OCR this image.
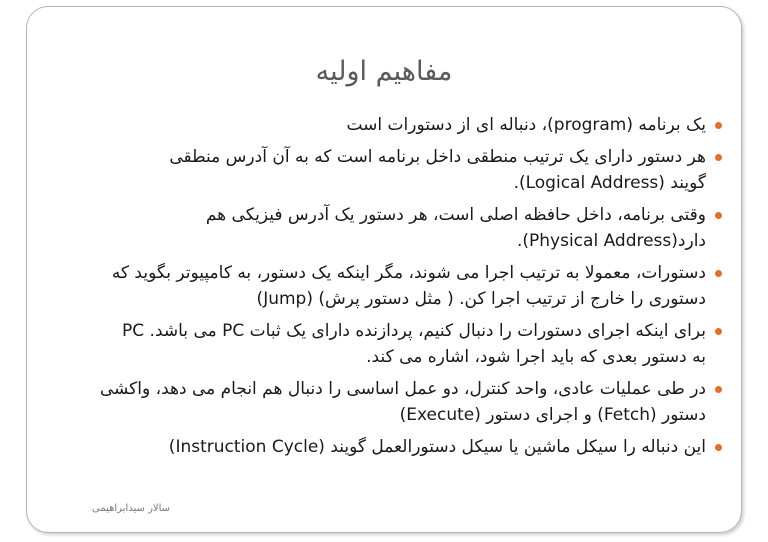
مفاهیم اولیه
یک برنامه (program)، دنباله ای از دستورات است
هر دستور دارای یک ترتیب منطقی داخل برنامه است که به آن آدرس منطقی
گویند (Logical Address).
وقتی برنامه، داخل حافظه اصلی است، هر دستور یک آدرس فیزیکی هم
دارد(Physical Address).
دستورات، معمولا به ترتیب اجرا می شوند، مگر اینکه یک دستور، به کامپیوتر بگوید که
دستوری را خارج از ترتیب اجرا کن. ( مثل دستور پرش) (Jump)
برای اینکه اجرای دستورات را دنبال کنیم، پردازنده دارای یک ثبات PC می باشد. PC
به دستور بعدی که باید اجرا شود، اشاره می کند.
در طی عملیات عادی، واحد کنترل، دو عمل اساسی را دنبال هم انجام می دهد، واکشی
دستور (Fetch) و اجرای دستور (Execute)
این دنباله را سیکل ماشین یا سیکل دستورالعمل گویند (Instruction Cycle)
سالار سیدابراهیمی
